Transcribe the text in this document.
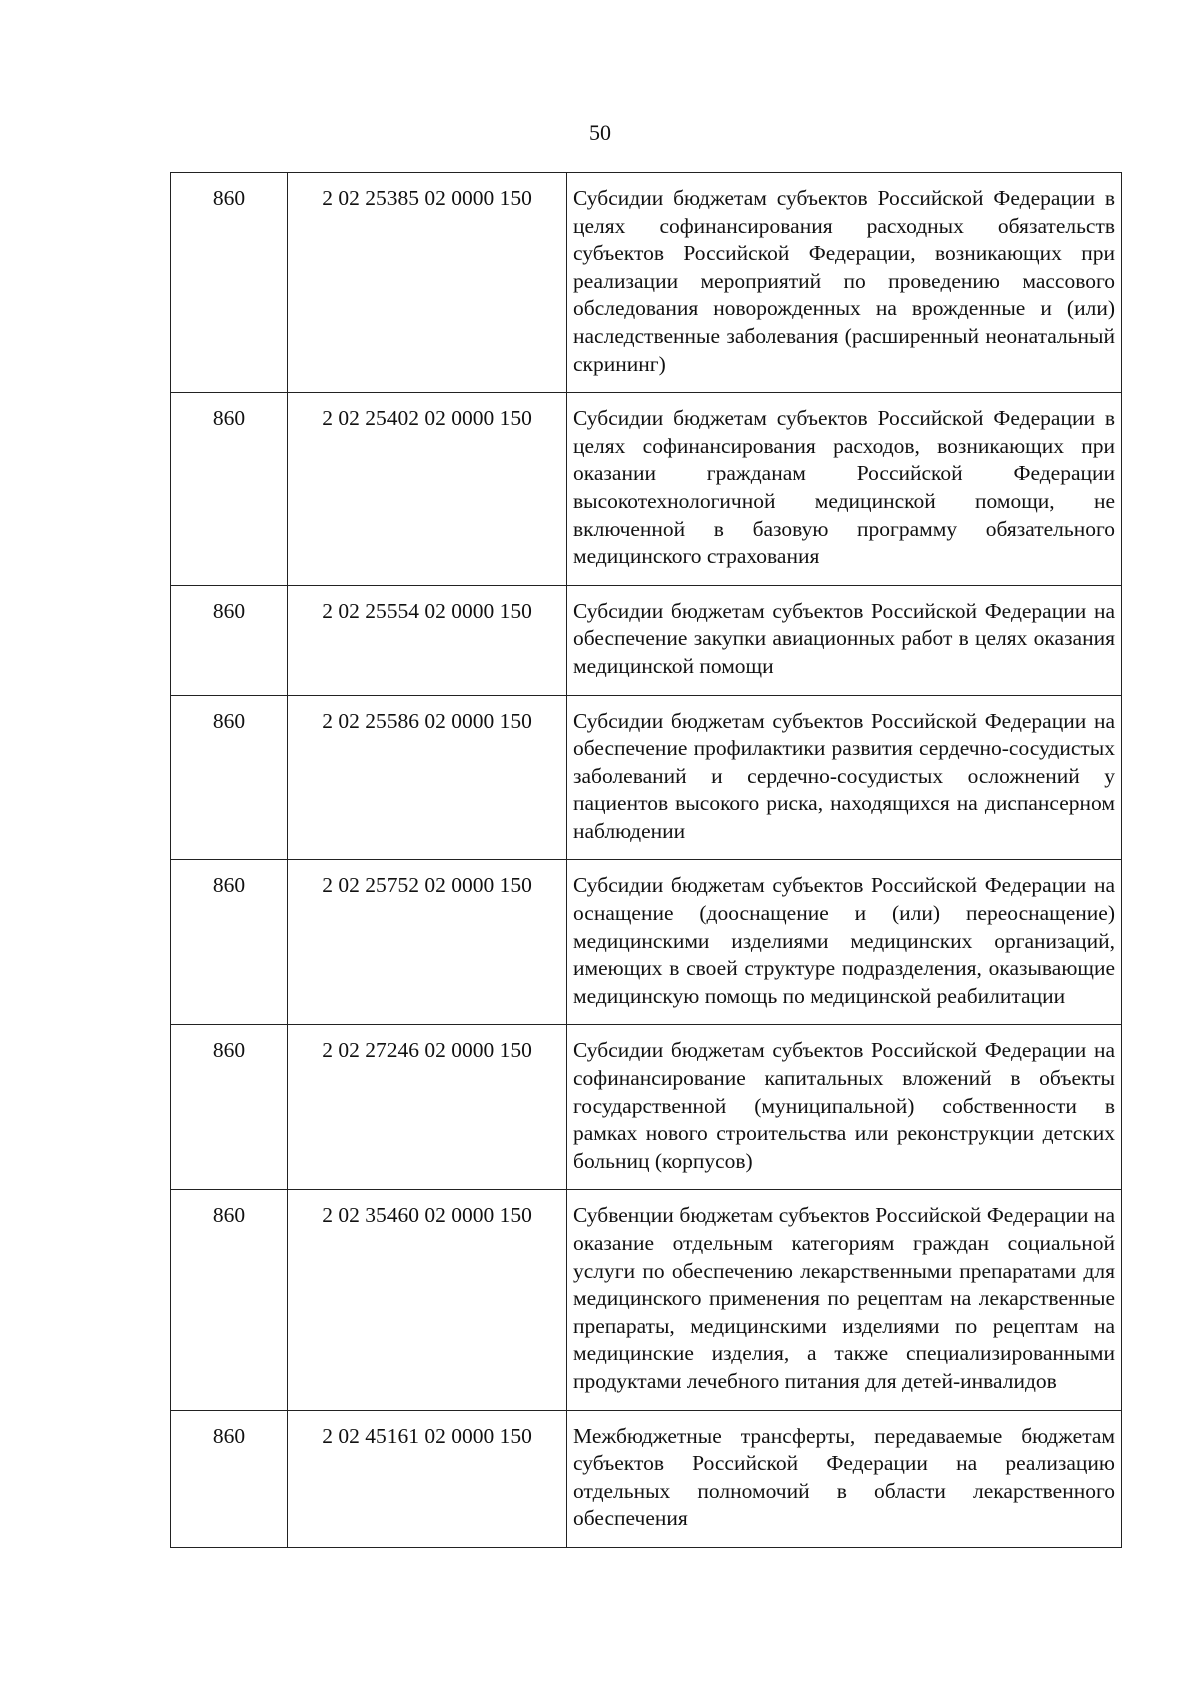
50
860	2 02 25385 02 0000 150	Субсидии бюджетам субъектов Российской Федерации в целях софинансирования расходных обязательств субъектов Российской Федерации, возникающих при реализации мероприятий по проведению массового обследования новорожденных на врожденные и (или) наследственные заболевания (расширенный неонатальный скрининг)
860	2 02 25402 02 0000 150	Субсидии бюджетам субъектов Российской Федерации в целях софинансирования расходов, возникающих при оказании гражданам Российской Федерации высокотехнологичной медицинской помощи, не включенной в базовую программу обязательного медицинского страхования
860	2 02 25554 02 0000 150	Субсидии бюджетам субъектов Российской Федерации на обеспечение закупки авиационных работ в целях оказания медицинской помощи
860	2 02 25586 02 0000 150	Субсидии бюджетам субъектов Российской Федерации на обеспечение профилактики развития сердечно-сосудистых заболеваний и сердечно-сосудистых осложнений у пациентов высокого риска, находящихся на диспансерном наблюдении
860	2 02 25752 02 0000 150	Субсидии бюджетам субъектов Российской Федерации на оснащение (дооснащение и (или) переоснащение) медицинскими изделиями медицинских организаций, имеющих в своей структуре подразделения, оказывающие медицинскую помощь по медицинской реабилитации
860	2 02 27246 02 0000 150	Субсидии бюджетам субъектов Российской Федерации на софинансирование капитальных вложений в объекты государственной (муниципальной) собственности в рамках нового строительства или реконструкции детских больниц (корпусов)
860	2 02 35460 02 0000 150	Субвенции бюджетам субъектов Российской Федерации на оказание отдельным категориям граждан социальной услуги по обеспечению лекарственными препаратами для медицинского применения по рецептам на лекарственные препараты, медицинскими изделиями по рецептам на медицинские изделия, а также специализированными продуктами лечебного питания для детей-инвалидов
860	2 02 45161 02 0000 150	Межбюджетные трансферты, передаваемые бюджетам субъектов Российской Федерации на реализацию отдельных полномочий в области лекарственного обеспечения
